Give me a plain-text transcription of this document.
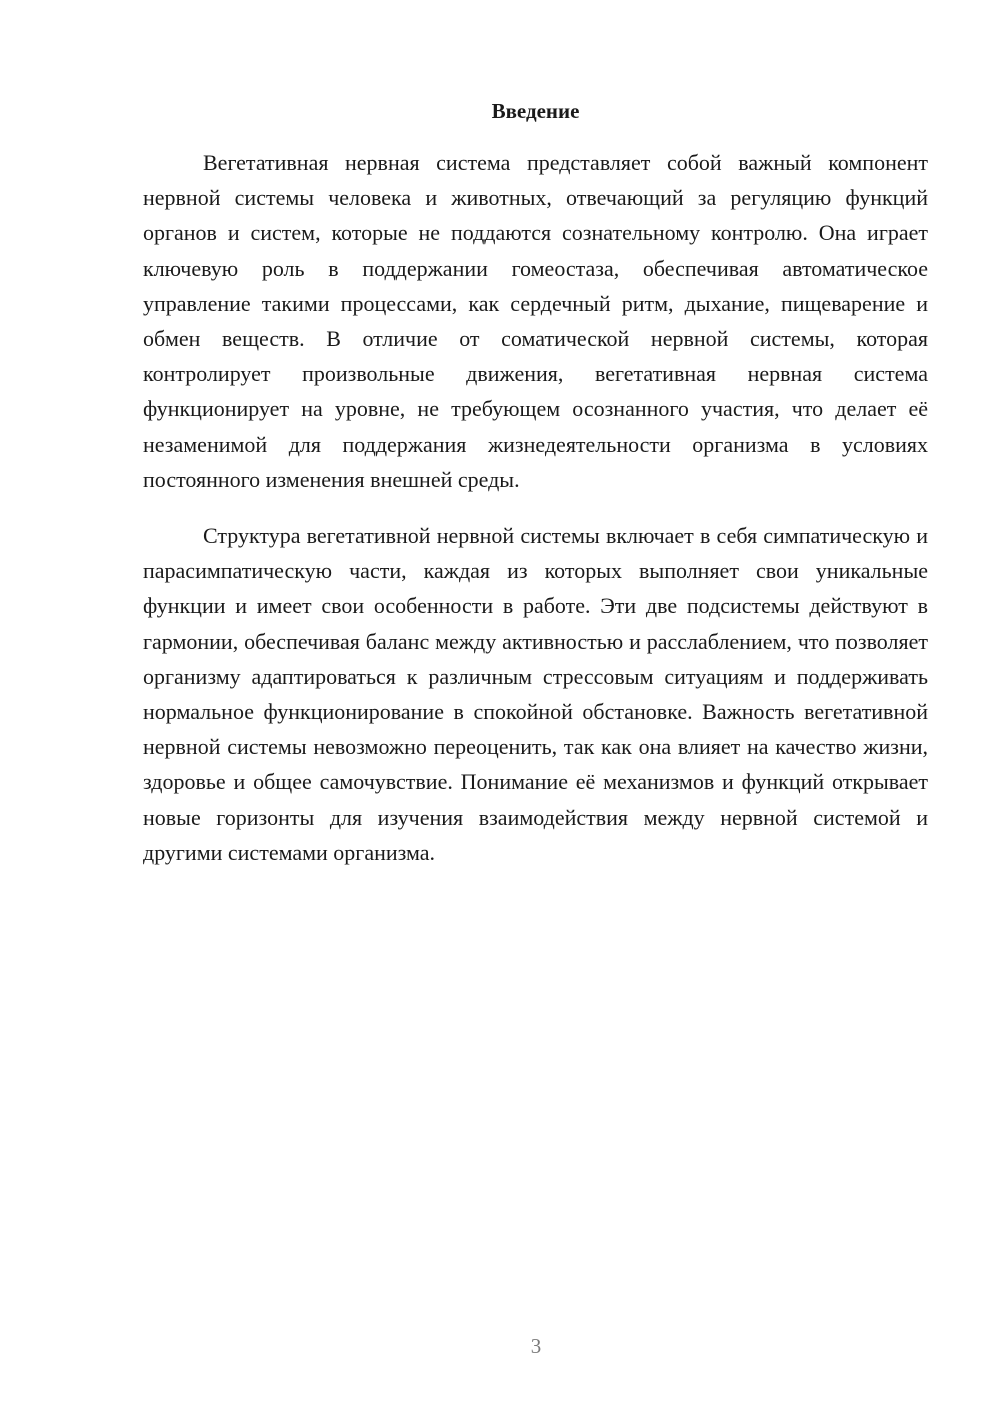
Введение

Вегетативная нервная система представляет собой важный компонент нервной системы человека и животных, отвечающий за регуляцию функций органов и систем, которые не поддаются сознательному контролю. Она играет ключевую роль в поддержании гомеостаза, обеспечивая автоматическое управление такими процессами, как сердечный ритм, дыхание, пищеварение и обмен веществ. В отличие от соматической нервной системы, которая контролирует произвольные движения, вегетативная нервная система функционирует на уровне, не требующем осознанного участия, что делает её незаменимой для поддержания жизнедеятельности организма в условиях постоянного изменения внешней среды.

Структура вегетативной нервной системы включает в себя симпатическую и парасимпатическую части, каждая из которых выполняет свои уникальные функции и имеет свои особенности в работе. Эти две подсистемы действуют в гармонии, обеспечивая баланс между активностью и расслаблением, что позволяет организму адаптироваться к различным стрессовым ситуациям и поддерживать нормальное функционирование в спокойной обстановке. Важность вегетативной нервной системы невозможно переоценить, так как она влияет на качество жизни, здоровье и общее самочувствие. Понимание её механизмов и функций открывает новые горизонты для изучения взаимодействия между нервной системой и другими системами организма.

3
